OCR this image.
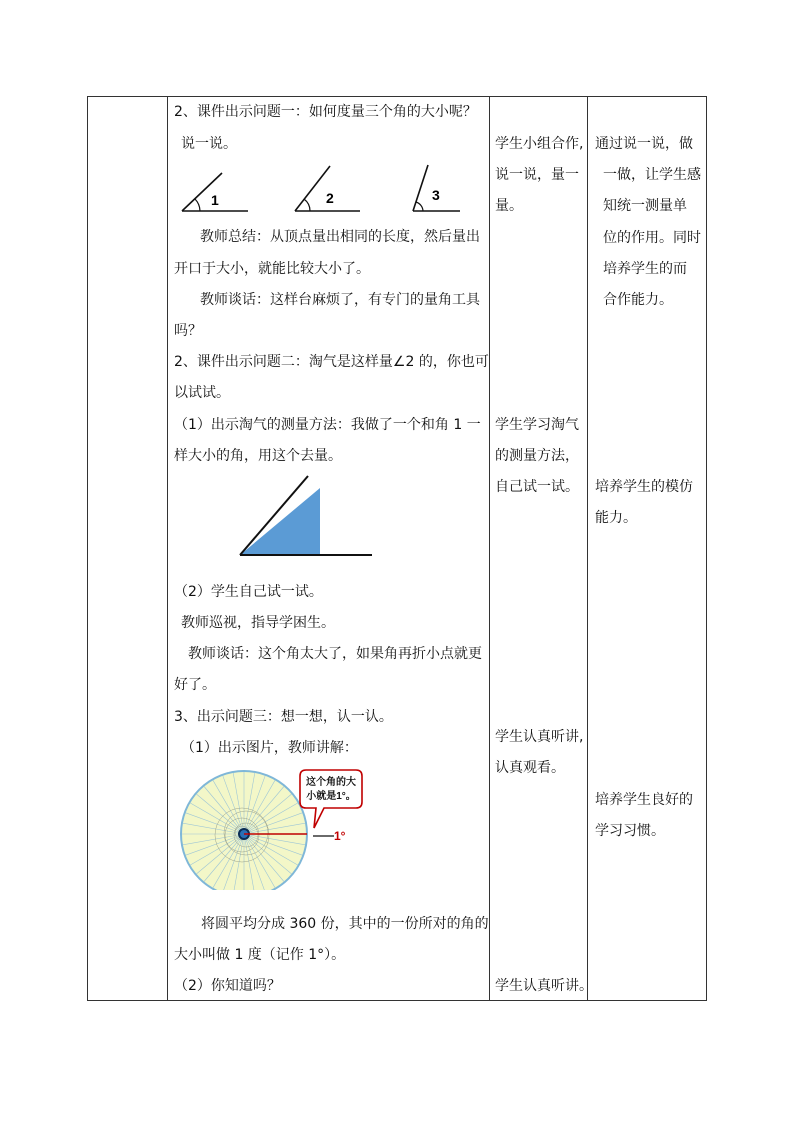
2、课件出示问题一：如何度量三个角的大小呢？
说一说。
1	2	3
教师总结：从顶点量出相同的长度，然后量出
开口于大小，就能比较大小了。
教师谈话：这样台麻烦了，有专门的量角工具
吗？
2、课件出示问题二：淘气是这样量∠2 的，你也可
以试试。
（1）出示淘气的测量方法：我做了一个和角 1 一
样大小的角，用这个去量。
（2）学生自己试一试。
教师巡视，指导学困生。
教师谈话：这个角太大了，如果角再折小点就更
好了。
3、出示问题三：想一想，认一认。
（1）出示图片，教师讲解：
这个角的大
小就是1°。
1°
将圆平均分成 360 份，其中的一份所对的角的
大小叫做 1 度（记作 1°）。
（2）你知道吗？
学生小组合作,
说一说，量一
量。
学生学习淘气
的测量方法，
自己试一试。
学生认真听讲,
认真观看。
学生认真听讲。
通过说一说，做
一做，让学生感
知统一测量单
位的作用。同时
培养学生的而
合作能力。
培养学生的模仿
能力。
培养学生良好的
学习习惯。
